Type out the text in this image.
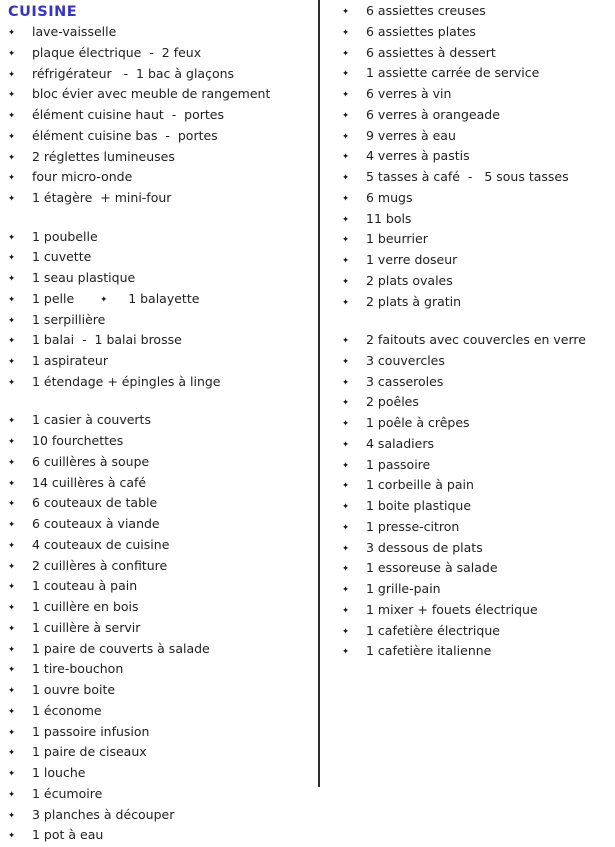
CUISINE
✦	lave-vaisselle
✦	plaque électrique  -  2 feux
✦	réfrigérateur   -  1 bac à glaçons
✦	bloc évier avec meuble de rangement
✦	élément cuisine haut  -  portes
✦	élément cuisine bas  -  portes
✦	2 réglettes lumineuses
✦	four micro-onde
✦	1 étagère  + mini-four
✦	1 poubelle
✦	1 cuvette
✦	1 seau plastique
✦	1 pelle	✦	1 balayette
✦	1 serpillière
✦	1 balai  -  1 balai brosse
✦	1 aspirateur
✦	1 étendage + épingles à linge
✦	1 casier à couverts
✦	10 fourchettes
✦	6 cuillères à soupe
✦	14 cuillères à café
✦	6 couteaux de table
✦	6 couteaux à viande
✦	4 couteaux de cuisine
✦	2 cuillères à confiture
✦	1 couteau à pain
✦	1 cuillère en bois
✦	1 cuillère à servir
✦	1 paire de couverts à salade
✦	1 tire-bouchon
✦	1 ouvre boite
✦	1 économe
✦	1 passoire infusion
✦	1 paire de ciseaux
✦	1 louche
✦	1 écumoire
✦	3 planches à découper
✦	1 pot à eau
✦	6 assiettes creuses
✦	6 assiettes plates
✦	6 assiettes à dessert
✦	1 assiette carrée de service
✦	6 verres à vin
✦	6 verres à orangeade
✦	9 verres à eau
✦	4 verres à pastis
✦	5 tasses à café  -   5 sous tasses
✦	6 mugs
✦	11 bols
✦	1 beurrier
✦	1 verre doseur
✦	2 plats ovales
✦	2 plats à gratin
✦	2 faitouts avec couvercles en verre
✦	3 couvercles
✦	3 casseroles
✦	2 poêles
✦	1 poêle à crêpes
✦	4 saladiers
✦	1 passoire
✦	1 corbeille à pain
✦	1 boite plastique
✦	1 presse-citron
✦	3 dessous de plats
✦	1 essoreuse à salade
✦	1 grille-pain
✦	1 mixer + fouets électrique
✦	1 cafetière électrique
✦	1 cafetière italienne
